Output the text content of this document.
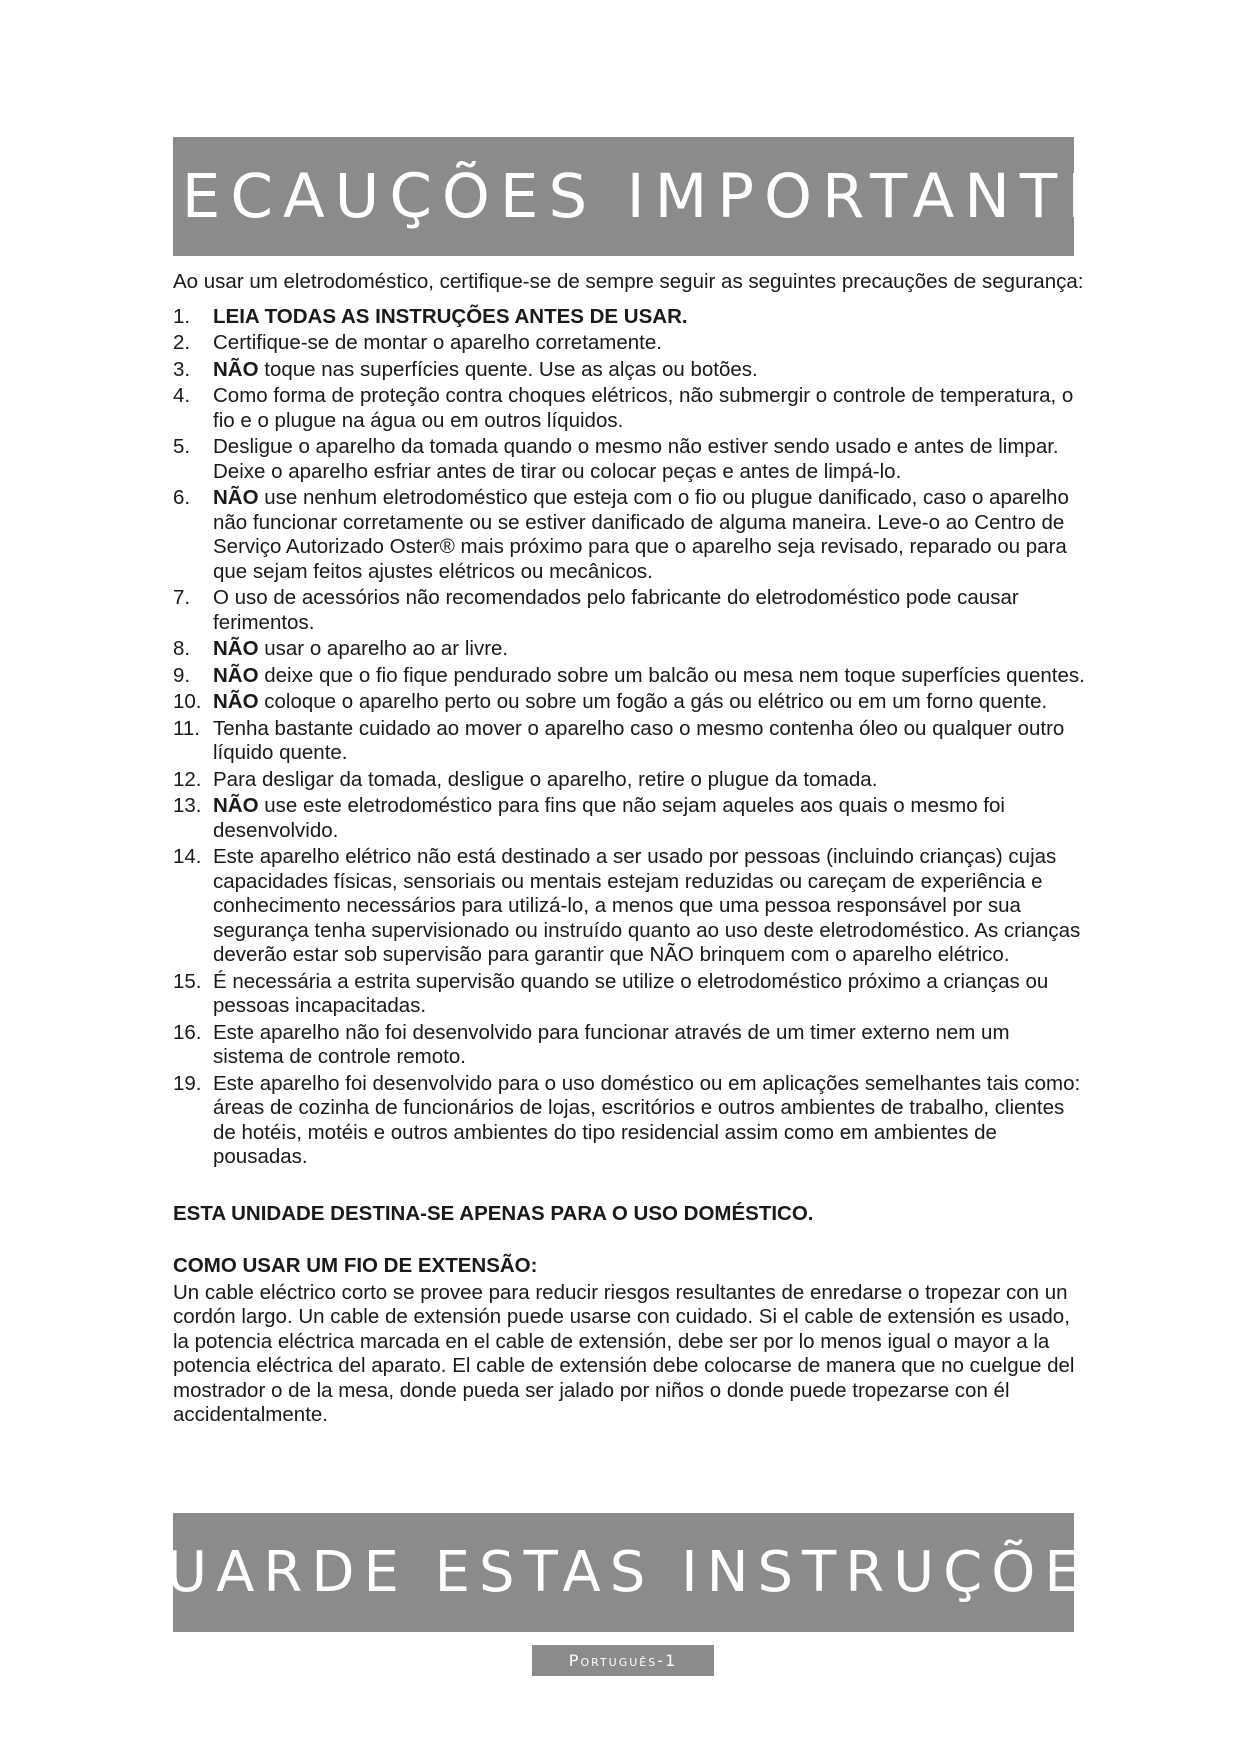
PRECAUÇÕES IMPORTANTES

Ao usar um eletrodoméstico, certifique-se de sempre seguir as seguintes precauções de segurança:

1.	LEIA TODAS AS INSTRUÇÕES ANTES DE USAR.
2.	Certifique-se de montar o aparelho corretamente.
3.	NÃO toque nas superfícies quente. Use as alças ou botões.
4.	Como forma de proteção contra choques elétricos, não submergir o controle de temperatura, o fio e o plugue na água ou em outros líquidos.
5.	Desligue o aparelho da tomada quando o mesmo não estiver sendo usado e antes de limpar. Deixe o aparelho esfriar antes de tirar ou colocar peças e antes de limpá-lo.
6.	NÃO use nenhum eletrodoméstico que esteja com o fio ou plugue danificado, caso o aparelho não funcionar corretamente ou se estiver danificado de alguma maneira. Leve-o ao Centro de Serviço Autorizado Oster® mais próximo para que o aparelho seja revisado, reparado ou para que sejam feitos ajustes elétricos ou mecânicos.
7.	O uso de acessórios não recomendados pelo fabricante do eletrodoméstico pode causar ferimentos.
8.	NÃO usar o aparelho ao ar livre.
9.	NÃO deixe que o fio fique pendurado sobre um balcão ou mesa nem toque superfícies quentes.
10. NÃO coloque o aparelho perto ou sobre um fogão a gás ou elétrico ou em um forno quente.
11. Tenha bastante cuidado ao mover o aparelho caso o mesmo contenha óleo ou qualquer outro líquido quente.
12. Para desligar da tomada, desligue o aparelho, retire o plugue da tomada.
13. NÃO use este eletrodoméstico para fins que não sejam aqueles aos quais o mesmo foi desenvolvido.
14. Este aparelho elétrico não está destinado a ser usado por pessoas (incluindo crianças) cujas capacidades físicas, sensoriais ou mentais estejam reduzidas ou careçam de experiência e conhecimento necessários para utilizá-lo, a menos que uma pessoa responsável por sua segurança tenha supervisionado ou instruído quanto ao uso deste eletrodoméstico. As crianças deverão estar sob supervisão para garantir que NÃO brinquem com o aparelho elétrico.
15. É necessária a estrita supervisão quando se utilize o eletrodoméstico próximo a crianças ou pessoas incapacitadas.
16. Este aparelho não foi desenvolvido para funcionar através de um timer externo nem um sistema de controle remoto.
19. Este aparelho foi desenvolvido para o uso doméstico ou em aplicações semelhantes tais como: áreas de cozinha de funcionários de lojas, escritórios e outros ambientes de trabalho, clientes de hotéis, motéis e outros ambientes do tipo residencial assim como em ambientes de pousadas.

ESTA UNIDADE DESTINA-SE APENAS PARA O USO DOMÉSTICO.

COMO USAR UM FIO DE EXTENSÃO:

Un cable eléctrico corto se provee para reducir riesgos resultantes de enredarse o tropezar con un cordón largo. Un cable de extensión puede usarse con cuidado. Si el cable de extensión es usado, la potencia eléctrica marcada en el cable de extensión, debe ser por lo menos igual o mayor a la potencia eléctrica del aparato. El cable de extensión debe colocarse de manera que no cuelgue del mostrador o de la mesa, donde pueda ser jalado por niños o donde puede tropezarse con él accidentalmente.

GUARDE ESTAS INSTRUÇÕES
Português-1
